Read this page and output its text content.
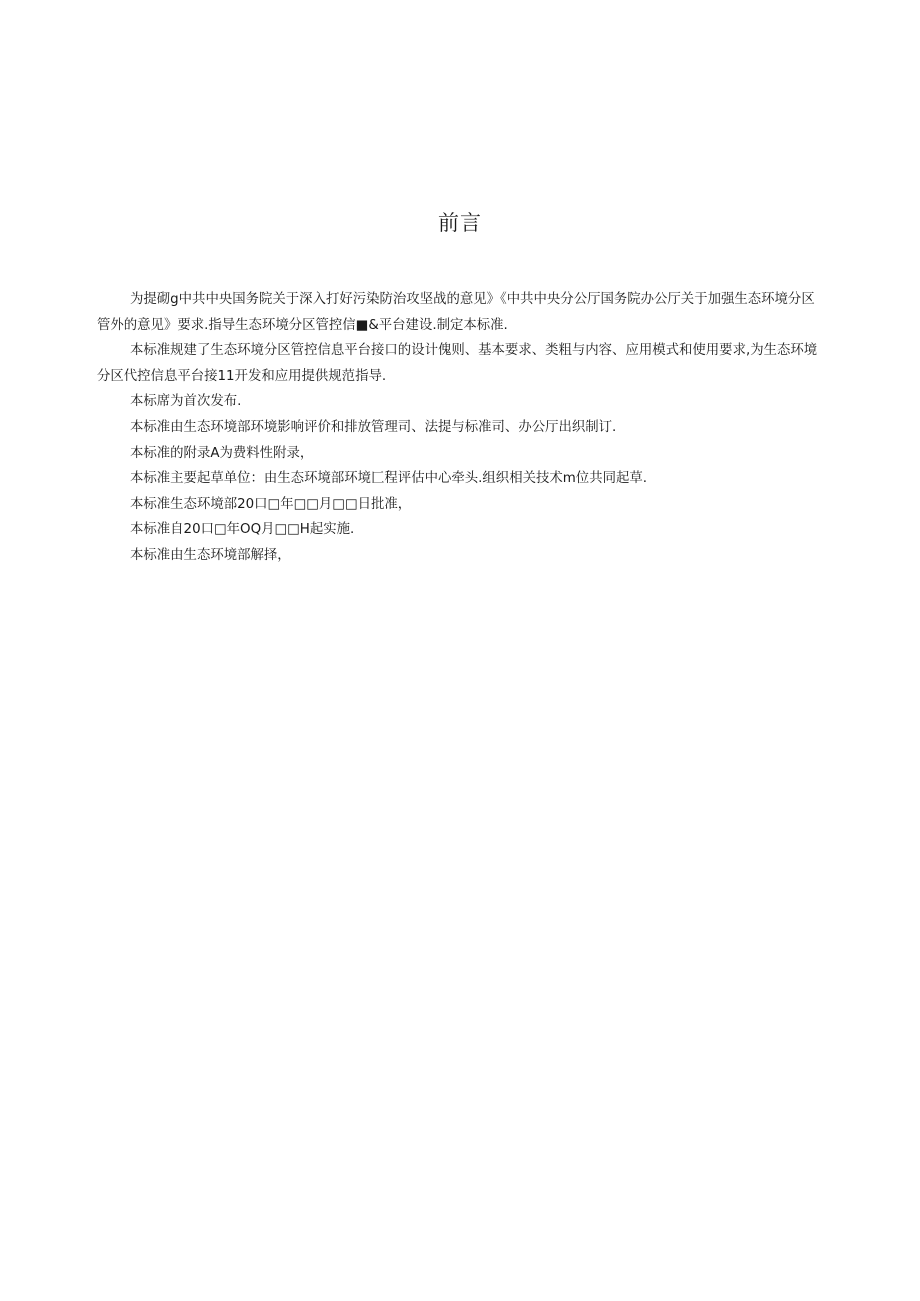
前言

为提砌g中共中央国务院关于深入打好污染防治攻坚战的意见》《中共中央分公厅国务院办公厅关于加强生态环境分区管外的意见》要求.指导生态环境分区管控信■&平台建设.制定本标准.

本标准规建了生态环境分区管控信息平台接口的设计傀则、基本要求、类粗与内容、应用模式和使用要求,为生态环境分区代控信息平台接11开发和应用提供规范指导.

本标席为首次发布.

本标准由生态环境部环境影响评价和排放管理司、法提与标准司、办公厅出织制订.

本标准的附录A为费料性附录，

本标准主要起草单位：由生态环境部环境匚程评估中心牵头.组织相关技术m位共同起草.

本标准生态环境部20口□年□□月□□日批准，

本标准自20口□年OQ月□□H起实施.

本标准由生态环境部解择，
